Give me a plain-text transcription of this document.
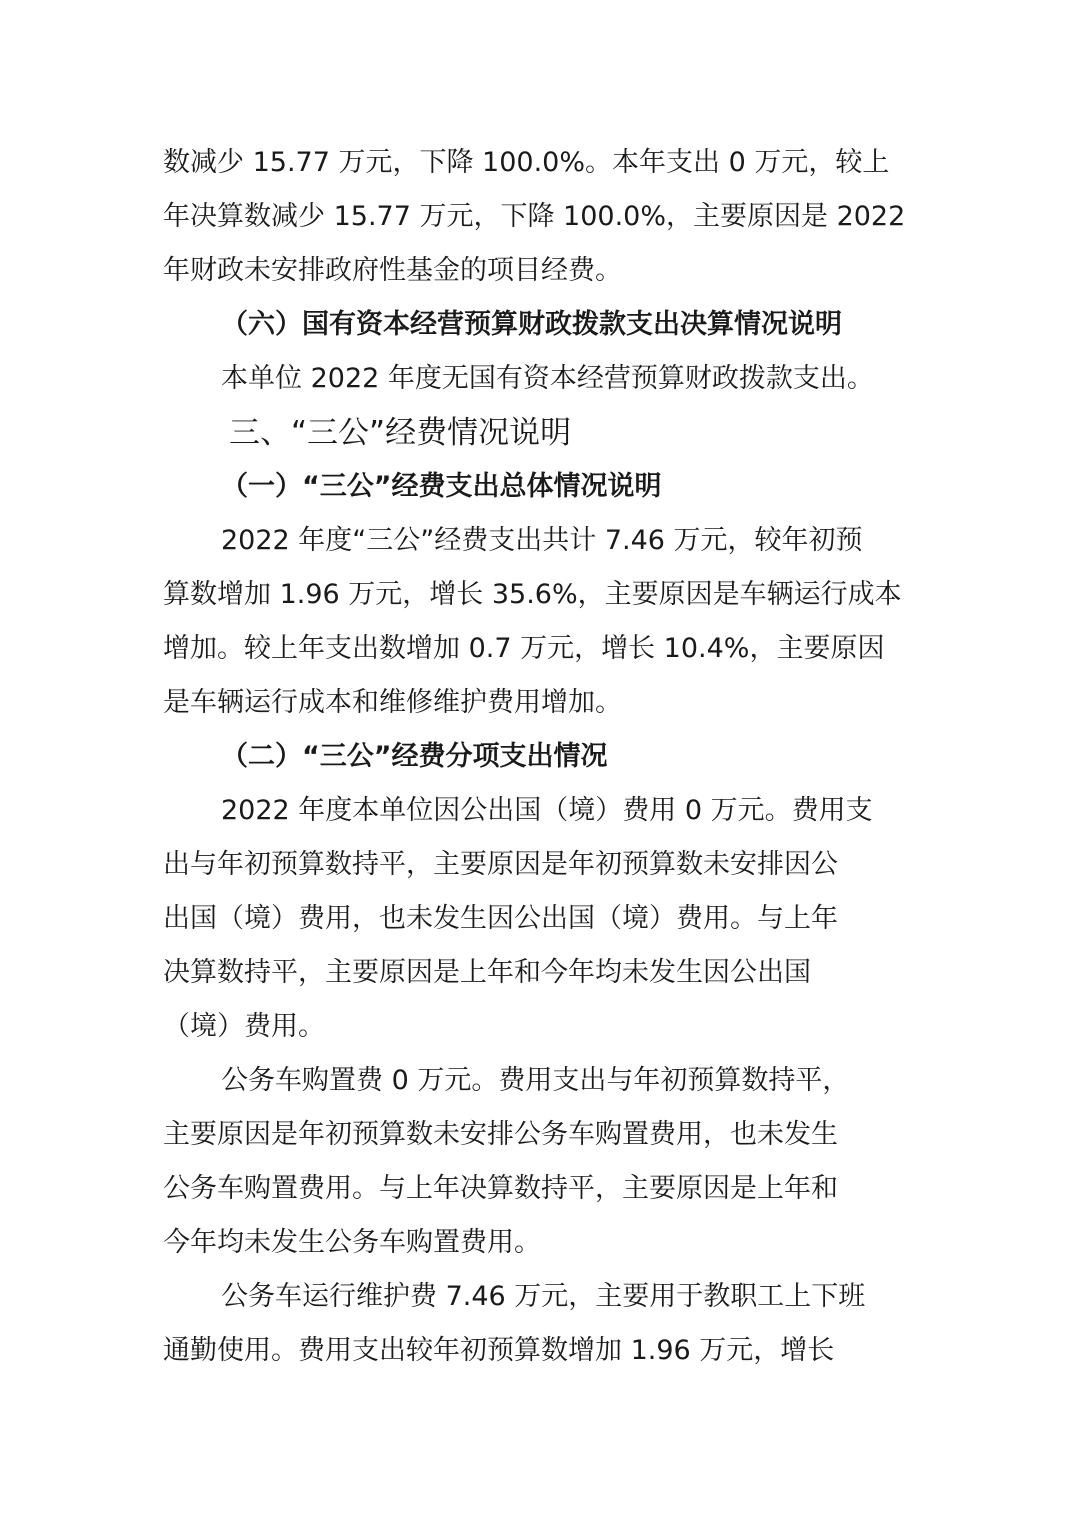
数减少 15.77 万元，下降 100.0%。本年支出 0 万元，较上
年决算数减少 15.77 万元，下降 100.0%，主要原因是 2022
年财政未安排政府性基金的项目经费。
（六）国有资本经营预算财政拨款支出决算情况说明
本单位 2022 年度无国有资本经营预算财政拨款支出。
三、“三公”经费情况说明
（一）“三公”经费支出总体情况说明
2022 年度“三公”经费支出共计 7.46 万元，较年初预
算数增加 1.96 万元，增长 35.6%，主要原因是车辆运行成本
增加。较上年支出数增加 0.7 万元，增长 10.4%，主要原因
是车辆运行成本和维修维护费用增加。
（二）“三公”经费分项支出情况
2022 年度本单位因公出国（境）费用 0 万元。费用支
出与年初预算数持平，主要原因是年初预算数未安排因公
出国（境）费用，也未发生因公出国（境）费用。与上年
决算数持平，主要原因是上年和今年均未发生因公出国
（境）费用。
公务车购置费 0 万元。费用支出与年初预算数持平，
主要原因是年初预算数未安排公务车购置费用，也未发生
公务车购置费用。与上年决算数持平，主要原因是上年和
今年均未发生公务车购置费用。
公务车运行维护费 7.46 万元，主要用于教职工上下班
通勤使用。费用支出较年初预算数增加 1.96 万元，增长
